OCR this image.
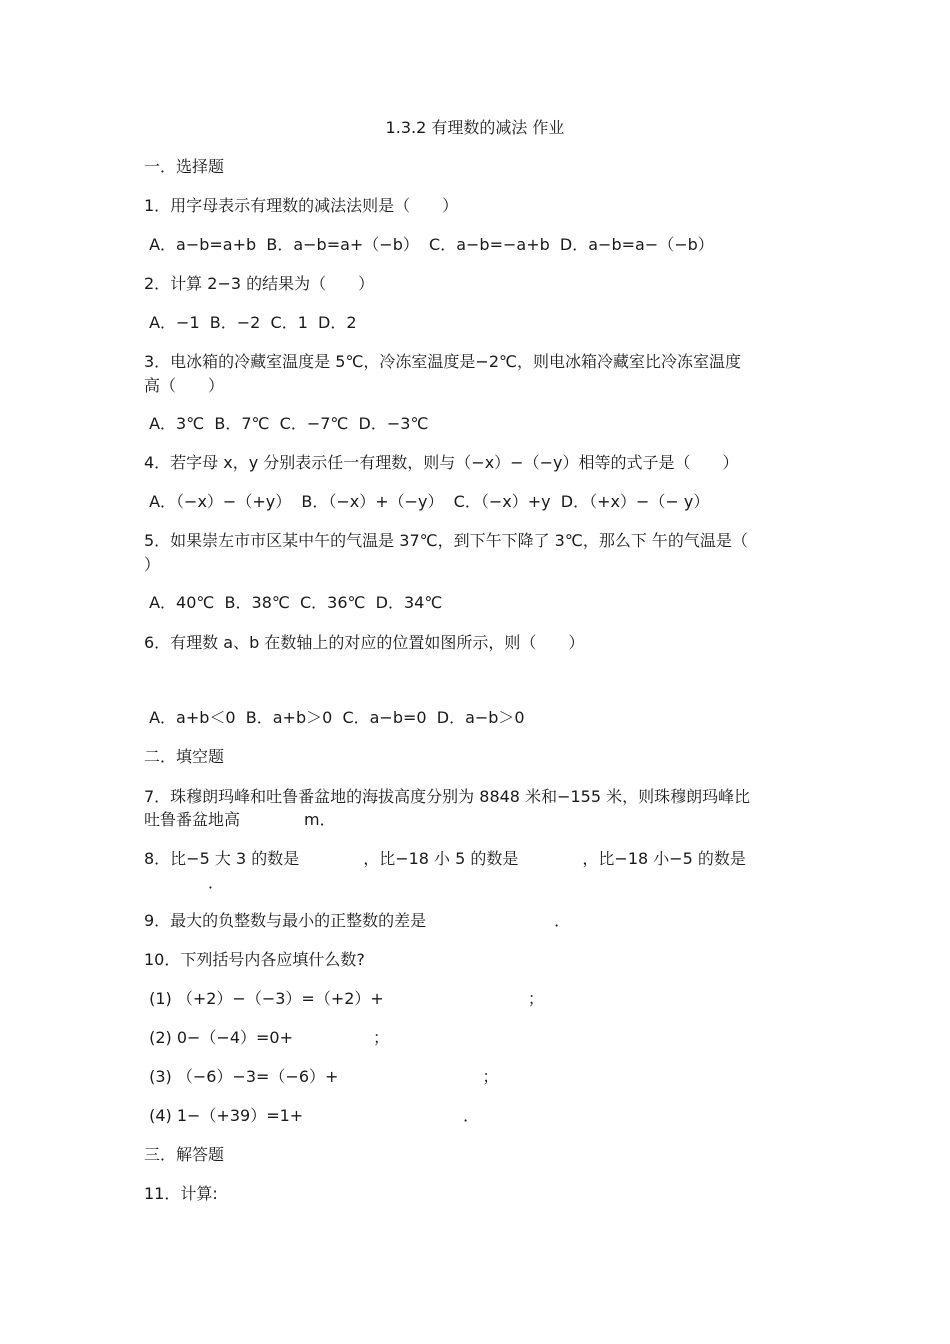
1.3.2 有理数的减法 作业
一．选择题
1．用字母表示有理数的减法法则是（　　）
A．a−b=a+b  B．a−b=a+（−b）  C．a−b=−a+b  D．a−b=a−（−b）
2．计算 2−3 的结果为（　　）
A．−1  B．−2  C．1  D．2
3．电冰箱的冷藏室温度是 5℃，冷冻室温度是−2℃，则电冰箱冷藏室比冷冻室温度
高（　　）
A．3℃  B．7℃  C．−7℃  D．−3℃
4．若字母 x，y 分别表示任一有理数，则与（−x）−（−y）相等的式子是（　　）
A．（−x）−（+y）  B．（−x）+（−y）  C．（−x）+y  D．（+x）−（− y）
5．如果崇左市市区某中午的气温是 37℃，到下午下降了 3℃，那么下 午的气温是（
）
A．40℃  B．38℃  C．36℃  D．34℃
6．有理数 a、b 在数轴上的对应的位置如图所示，则（　　）
A．a+b＜0  B．a+b＞0  C．a−b=0  D．a−b＞0
二．填空题
7．珠穆朗玛峰和吐鲁番盆地的海拔高度分别为 8848 米和−155 米，则珠穆朗玛峰比
吐鲁番盆地高　　　　m．
8．比−5 大 3 的数是　　　　，比−18 小 5 的数是　　　　，比−18 小−5 的数是
　　　　．
9．最大的负整数与最小的正整数的差是　　　　　　　　．
10．下列括号内各应填什么数?
(1) （+2）−（−3）=（+2）+　　　　　　　　　；
(2) 0−（−4）=0+　　　　　；
(3) （−6）−3=（−6）+　　　　　　　　　；
(4) 1−（+39）=1+　　　　　　　　　　．
三．解答题
11．计算:
